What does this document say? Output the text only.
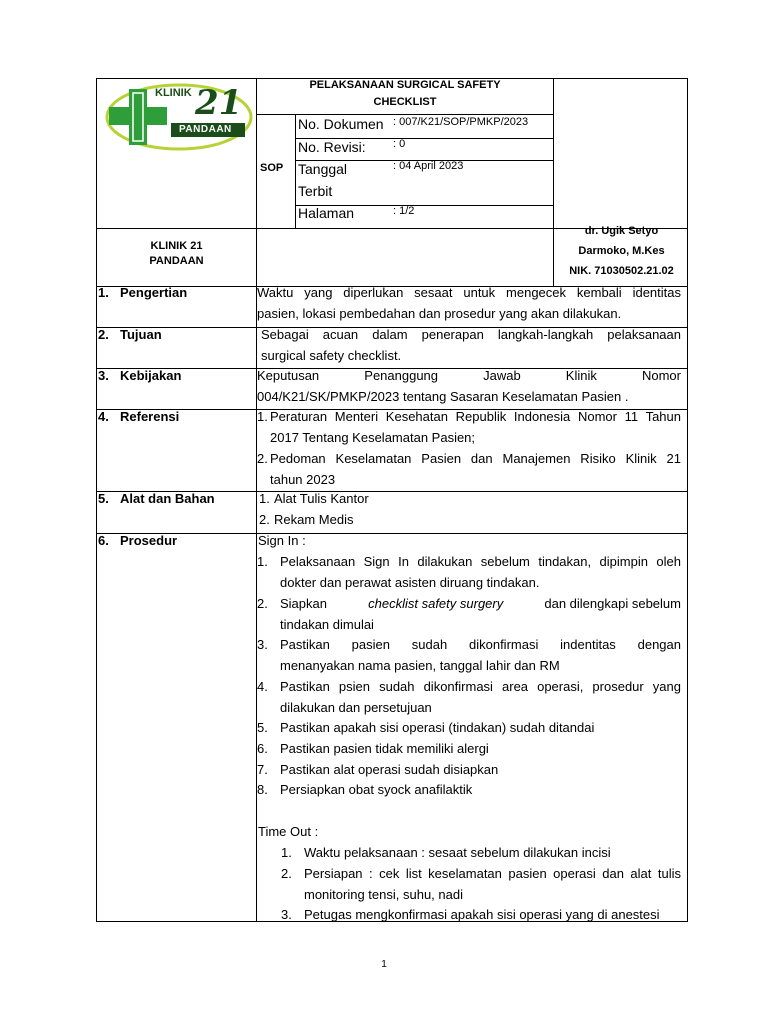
KLINIK 21
PANDAAN
PELAKSANAAN SURGICAL SAFETY
CHECKLIST
SOP
No. Dokumen : 007/K21/SOP/PMKP/2023
No. Revisi: : 0
Tanggal
Terbit
: 04 April 2023
Halaman	: 1/2
KLINIK 21
PANDAAN
dr. Ugik Setyo
Darmoko, M.Kes
NIK. 71030502.21.02
1. Pengertian	Waktu yang diperlukan sesaat untuk mengecek kembali identitas
pasien, lokasi pembedahan dan prosedur yang akan dilakukan.
2. Tujuan	Sebagai acuan dalam penerapan langkah-langkah pelaksanaan
surgical safety checklist.
3. Kebijakan	Keputusan Penanggung Jawab Klinik Nomor
004/K21/SK/PMKP/2023 tentang Sasaran Keselamatan Pasien .
4. Referensi	1. Peraturan Menteri Kesehatan Republik Indonesia Nomor 11 Tahun
2017 Tentang Keselamatan Pasien;
2. Pedoman Keselamatan Pasien dan Manajemen Risiko Klinik 21
tahun 2023
5. Alat dan Bahan	1. Alat Tulis Kantor
2. Rekam Medis
6. Prosedur	Sign In :
1. Pelaksanaan Sign In dilakukan sebelum tindakan, dipimpin oleh
dokter dan perawat asisten diruang tindakan.
2. Siapkan	checklist safety surgery	dan dilengkapi sebelum
tindakan dimulai
3. Pastikan pasien sudah dikonfirmasi indentitas dengan
menanyakan nama pasien, tanggal lahir dan RM
4. Pastikan psien sudah dikonfirmasi area operasi, prosedur yang
dilakukan dan persetujuan
5. Pastikan apakah sisi operasi (tindakan) sudah ditandai
6. Pastikan pasien tidak memiliki alergi
7. Pastikan alat operasi sudah disiapkan
8. Persiapkan obat syock anafilaktik
Time Out :
1. Waktu pelaksanaan : sesaat sebelum dilakukan incisi
2. Persiapan : cek list keselamatan pasien operasi dan alat tulis
monitoring tensi, suhu, nadi
3. Petugas mengkonfirmasi apakah sisi operasi yang di anestesi
1
